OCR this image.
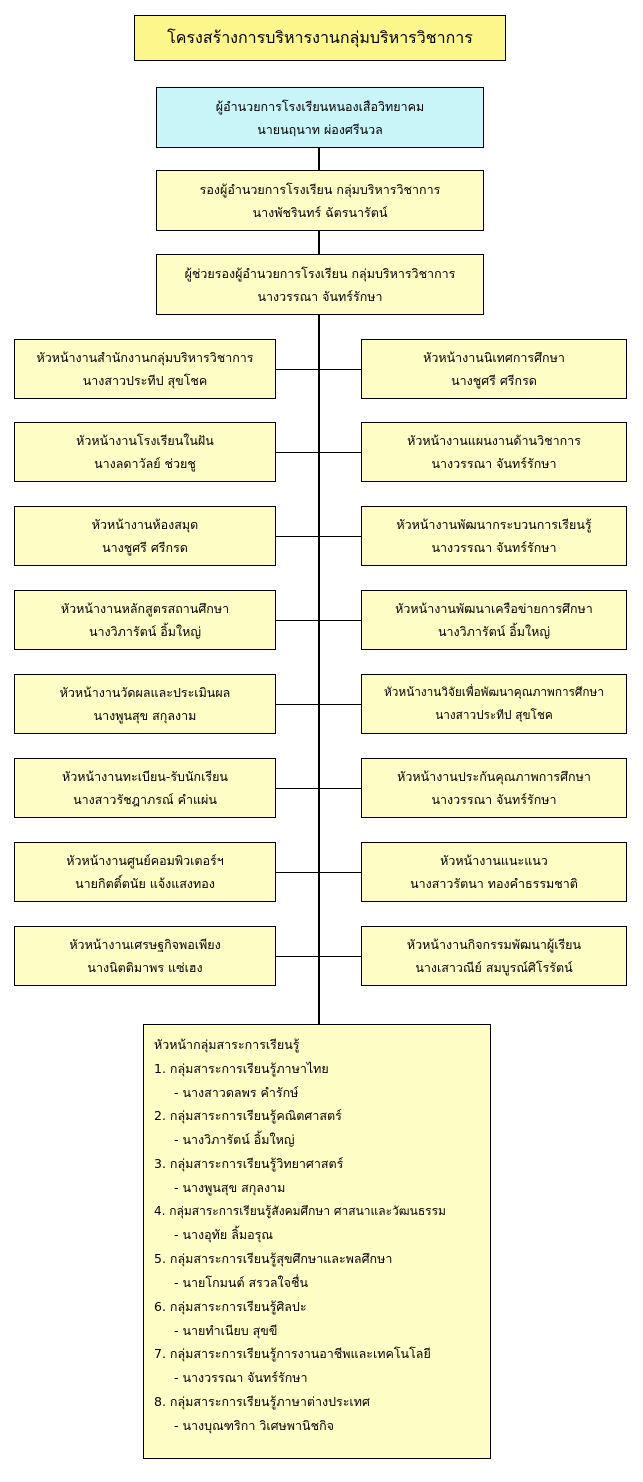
โครงสร้างการบริหารงานกลุ่มบริหารวิชาการ
ผู้อำนวยการโรงเรียนหนองเสือวิทยาคม
นายนฤนาท ผ่องศรีนวล
รองผู้อำนวยการโรงเรียน กลุ่มบริหารวิชาการ
นางพัชรินทร์ ฉัตรนารัตน์
ผู้ช่วยรองผู้อำนวยการโรงเรียน กลุ่มบริหารวิชาการ
นางวรรณา จันทร์รักษา
หัวหน้างานสำนักงานกลุ่มบริหารวิชาการ
นางสาวประทีป สุขโชค
หัวหน้างานโรงเรียนในฝัน
นางลดาวัลย์ ช่วยชู
หัวหน้างานห้องสมุด
นางชูศรี ศรีกรด
หัวหน้างานหลักสูตรสถานศึกษา
นางวิภารัตน์ อิ้มใหญ่
หัวหน้างานวัดผลและประเมินผล
นางพูนสุข สกุลงาม
หัวหน้างานทะเบียน-รับนักเรียน
นางสาวรัชฎาภรณ์ คำแผ่น
หัวหน้างานศูนย์คอมพิวเตอร์ฯ
นายกิตติ์ตนัย แจ้งแสงทอง
หัวหน้างานเศรษฐกิจพอเพียง
นางนิตติมาพร แซ่เฮง
หัวหน้างานนิเทศการศึกษา
นางชูศรี ศรีกรด
หัวหน้างานแผนงานด้านวิชาการ
นางวรรณา จันทร์รักษา
หัวหน้างานพัฒนากระบวนการเรียนรู้
นางวรรณา จันทร์รักษา
หัวหน้างานพัฒนาเครือข่ายการศึกษา
นางวิภารัตน์ อิ้มใหญ่
หัวหน้างานวิจัยเพื่อพัฒนาคุณภาพการศึกษา
นางสาวประทีป สุขโชค
หัวหน้างานประกันคุณภาพการศึกษา
นางวรรณา จันทร์รักษา
หัวหน้างานแนะแนว
นางสาวรัตนา ทองคำธรรมชาติ
หัวหน้างานกิจกรรมพัฒนาผู้เรียน
นางเสาวณีย์ สมบูรณ์ศิโรรัตน์
หัวหน้ากลุ่มสาระการเรียนรู้
1. กลุ่มสาระการเรียนรู้ภาษาไทย
- นางสาวดลพร คำรักษ์
2. กลุ่มสาระการเรียนรู้คณิตศาสตร์
- นางวิภารัตน์ อิ้มใหญ่
3. กลุ่มสาระการเรียนรู้วิทยาศาสตร์
- นางพูนสุข สกุลงาม
4. กลุ่มสาระการเรียนรู้สังคมศึกษา ศาสนาและวัฒนธรรม
- นางอุทัย ลิ้มอรุณ
5. กลุ่มสาระการเรียนรู้สุขศึกษาและพลศึกษา
- นายโกมนต์ สรวลใจชื่น
6. กลุ่มสาระการเรียนรู้ศิลปะ
- นายทำเนียบ สุขขี
7. กลุ่มสาระการเรียนรู้การงานอาชีพและเทคโนโลยี
- นางวรรณา จันทร์รักษา
8. กลุ่มสาระการเรียนรู้ภาษาต่างประเทศ
- นางบุณฑริกา วิเศษพานิชกิจ
